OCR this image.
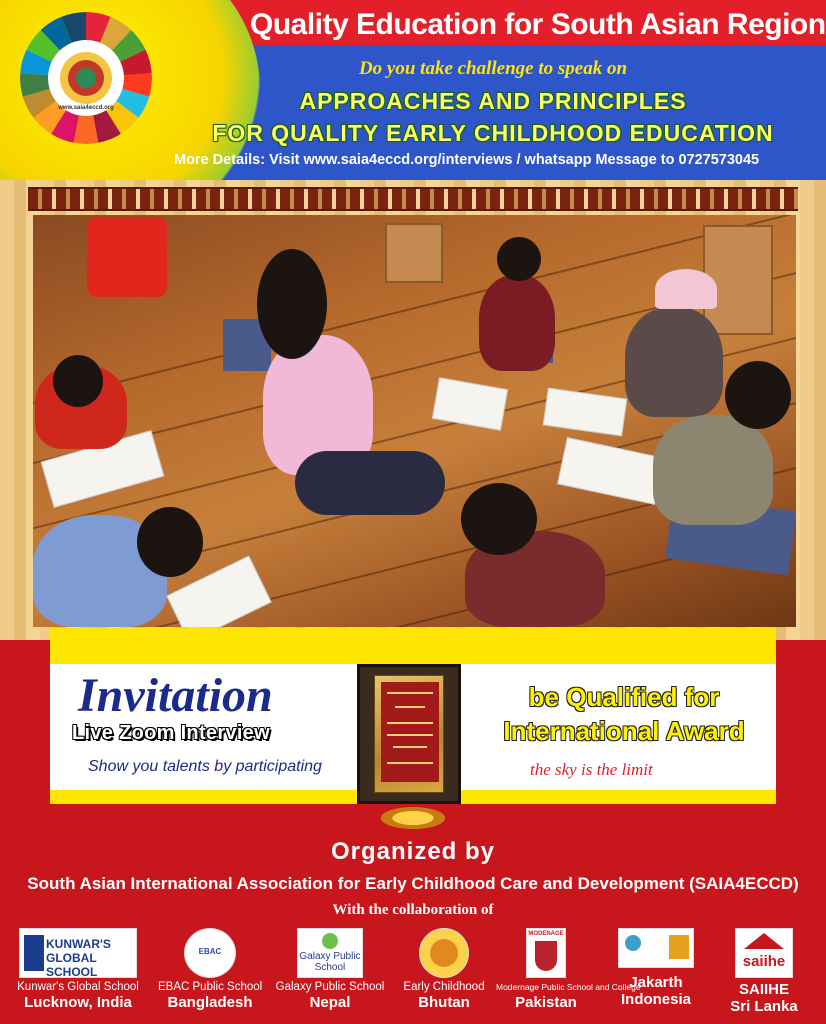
Quality Education for South Asian Region
Do you take challenge to speak on
APPROACHES AND PRINCIPLES
FOR QUALITY EARLY CHILDHOOD EDUCATION
More Details: Visit www.saia4eccd.org/interviews / whatsapp Message to 0727573045
www.saia4eccd.org
Invitation
Live Zoom Interview
Show you talents by participating
be Qualified for
International Award
the sky is the limit
Organized by
South Asian International Association for Early Childhood Care and Development (SAIA4ECCD)
With the collaboration of
KUNWAR'S GLOBAL SCHOOL
Kunwar's Global School
Lucknow, India
EBAC
EBAC Public School
Bangladesh
Galaxy Public School
Galaxy Public School
Nepal
Early Childhood
Bhutan
MODENAGE
Modernage Public School and College
Pakistan
Jakarth Indonesia
saiihe
SAIIHE
Sri Lanka
